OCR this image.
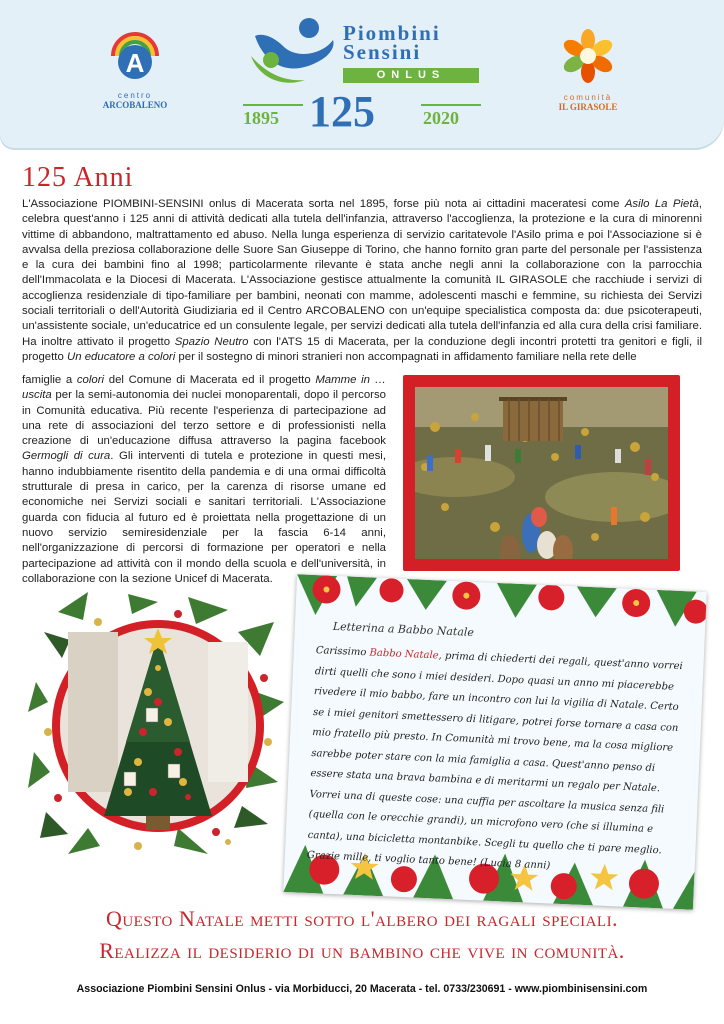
A
centro
ARCOBALENO
Piombini
Sensini
ONLUS
1895 125	2020
comunità
IL GIRASOLE
125 Anni
L'Associazione PIOMBINI-SENSINI onlus di Macerata sorta nel 1895, forse più nota ai cittadini maceratesi come Asilo La Pietà, celebra quest'anno i 125 anni di attività dedicati alla tutela dell'infanzia, attraverso l'accoglienza, la protezione e la cura di minorenni vittime di abbandono, maltrattamento ed abuso. Nella lunga esperienza di servizio caritatevole l'Asilo prima e poi l'Associazione si è avvalsa della preziosa collaborazione delle Suore San Giuseppe di Torino, che hanno fornito gran parte del personale per l'assistenza e la cura dei bambini fino al 1998; particolarmente rilevante è stata anche negli anni la collaborazione con la parrocchia dell'Immacolata e la Diocesi di Macerata. L'Associazione gestisce attualmente la comunità IL GIRASOLE che racchiude i servizi di accoglienza residenziale di tipo-familiare per bambini, neonati con mamme, adolescenti maschi e femmine, su richiesta dei Servizi sociali territoriali o dell'Autorità Giudiziaria ed il Centro ARCOBALENO con un'equipe specialistica composta da: due psicoterapeuti, un'assistente sociale, un'educatrice ed un consulente legale, per servizi dedicati alla tutela dell'infanzia ed alla cura della crisi familiare. Ha inoltre attivato il progetto Spazio Neutro con l'ATS 15 di Macerata, per la conduzione degli incontri protetti tra genitori e figli, il progetto Un educatore a colori per il sostegno di minori stranieri non accompagnati in affidamento familiare nella rete delle
famiglie a colori del Comune di Macerata ed il progetto Mamme in … uscita per la semi-autonomia dei nuclei monoparentali, dopo il percorso in Comunità educativa. Più recente l'esperienza di partecipazione ad una rete di associazioni del terzo settore e di professionisti nella creazione di un'educazione diffusa attraverso la pagina facebook Germogli di cura. Gli interventi di tutela e protezione in questi mesi, hanno indubbiamente risentito della pandemia e di una ormai difficoltà strutturale di presa in carico, per la carenza di risorse umane ed economiche nei Servizi sociali e sanitari territoriali. L'Associazione guarda con fiducia al futuro ed è proiettata nella progettazione di un nuovo servizio semiresidenziale per la fascia 6-14 anni, nell'organizzazione di percorsi di formazione per operatori e nella partecipazione ad attività con il mondo della scuola e dell'università, in collaborazione con la sezione Unicef di Macerata.
Letterina a Babbo Natale
Carissimo Babbo Natale, prima di chiederti dei regali, quest'anno vorrei dirti quelli che sono i miei desideri. Dopo quasi un anno mi piacerebbe rivedere il mio babbo, fare un incontro con lui la vigilia di Natale. Certo se i miei genitori smettessero di litigare, potrei forse tornare a casa con mio fratello più presto. In Comunità mi trovo bene, ma la cosa migliore sarebbe poter stare con la mia famiglia a casa. Quest'anno penso di essere stata una brava bambina e di meritarmi un regalo per Natale. Vorrei una di queste cose: una cuffia per ascoltare la musica senza fili (quella con le orecchie grandi), un microfono vero (che si illumina e canta), una bicicletta montanbike. Scegli tu quello che ti pare meglio. Grazie mille, ti voglio tanto bene! (Lucia 8 anni)
Questo Natale metti sotto l'albero dei ragali speciali.
Realizza il desiderio di un bambino che vive in comunità.
Associazione Piombini Sensini Onlus - via Morbiducci, 20 Macerata - tel. 0733/230691 - www.piombinisensini.com
